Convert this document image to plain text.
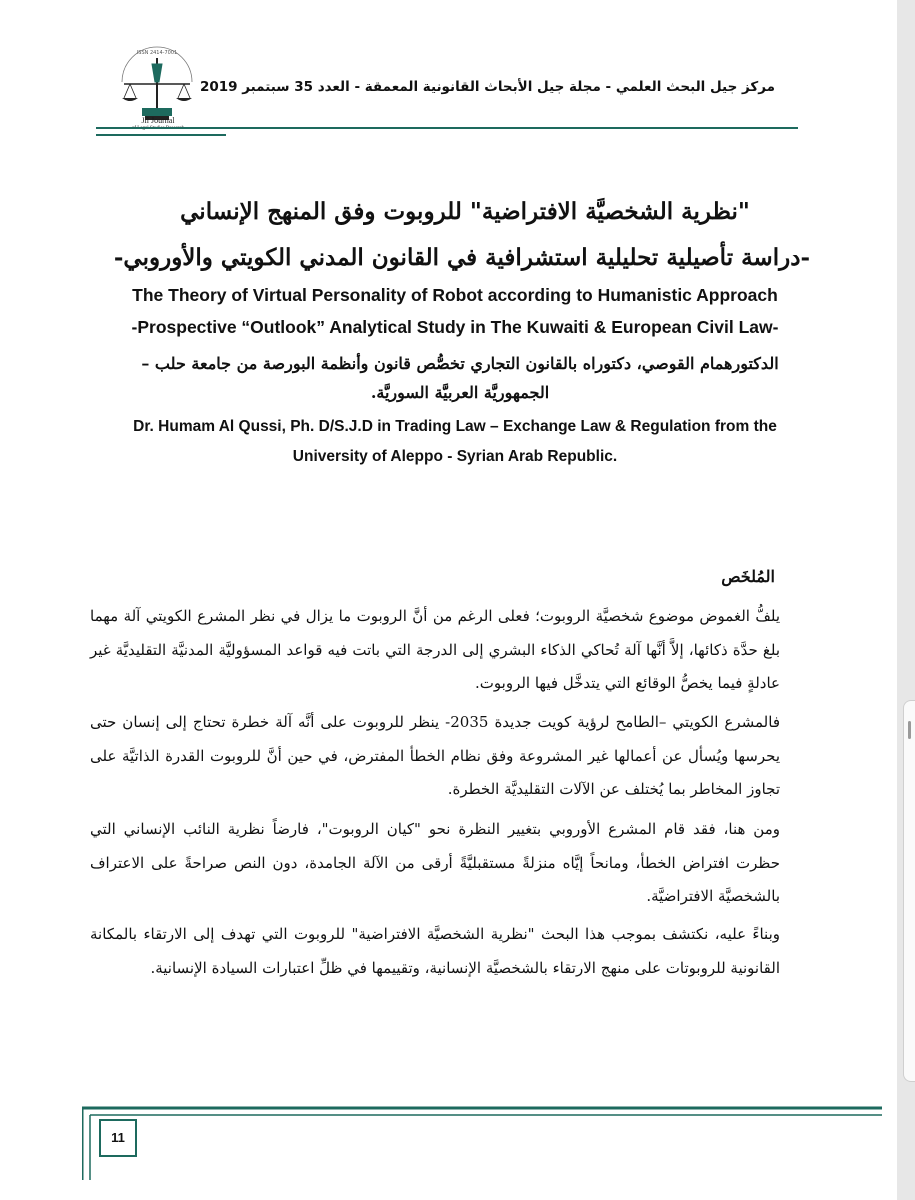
ISSN 2414-7001
Jil Journal
of Legal Studies Research
مركز جيل البحث العلمي - مجلة جيل الأبحاث القانونية المعمقة - العدد 35 سبتمبر 2019
"نظرية الشخصيَّة الافتراضية" للروبوت وفق المنهج الإنساني
-دراسة تأصيلية تحليلية استشرافية في القانون المدني الكويتي والأوروبي-
The Theory of Virtual Personality of Robot according to Humanistic Approach
-Prospective “Outlook” Analytical Study in The Kuwaiti & European Civil Law-
الدكتورهمام القوصي، دكتوراه بالقانون التجاري تخصُّص قانون وأنظمة البورصة من جامعة حلب –
الجمهوريَّة العربيَّة السوريَّة.
Dr. Humam Al Qussi, Ph. D/S.J.D in Trading Law – Exchange Law & Regulation from the
University of Aleppo - Syrian Arab Republic.
المُلخَص
يلفُّ الغموض موضوع شخصيَّة الروبوت؛ فعلى الرغم من أنَّ الروبوت ما يزال في نظر المشرع الكويتي آلة مهما بلغ حدَّة ذكائها، إلاَّ أنَّها آلة تُحاكي الذكاء البشري إلى الدرجة التي باتت فيه قواعد المسؤوليَّة المدنيَّة التقليديَّة غير عادلةٍ فيما يخصُّ الوقائع التي يتدخَّل فيها الروبوت.
فالمشرع الكويتي –الطامح لرؤية كويت جديدة 2035- ينظر للروبوت على أنَّه آلة خطرة تحتاج إلى إنسان حتى يحرسها ويُسأل عن أعمالها غير المشروعة وفق نظام الخطأ المفترض، في حين أنَّ للروبوت القدرة الذاتيَّة على تجاوز المخاطر بما يُختلف عن الآلات التقليديَّة الخطرة.
ومن هنا، فقد قام المشرع الأوروبي بتغيير النظرة نحو "كيان الروبوت"، فارضاً نظرية النائب الإنساني التي حظرت افتراض الخطأ، ومانحاً إيَّاه منزلةً مستقبليَّةً أرقى من الآلة الجامدة، دون النص صراحةً على الاعتراف بالشخصيَّة الافتراضيَّة.
وبناءً عليه، نكتشف بموجب هذا البحث "نظرية الشخصيَّة الافتراضية" للروبوت التي تهدف إلى الارتقاء بالمكانة القانونية للروبوتات على منهج الارتقاء بالشخصيَّة الإنسانية، وتقييمها في ظلِّ اعتبارات السيادة الإنسانية.
11
